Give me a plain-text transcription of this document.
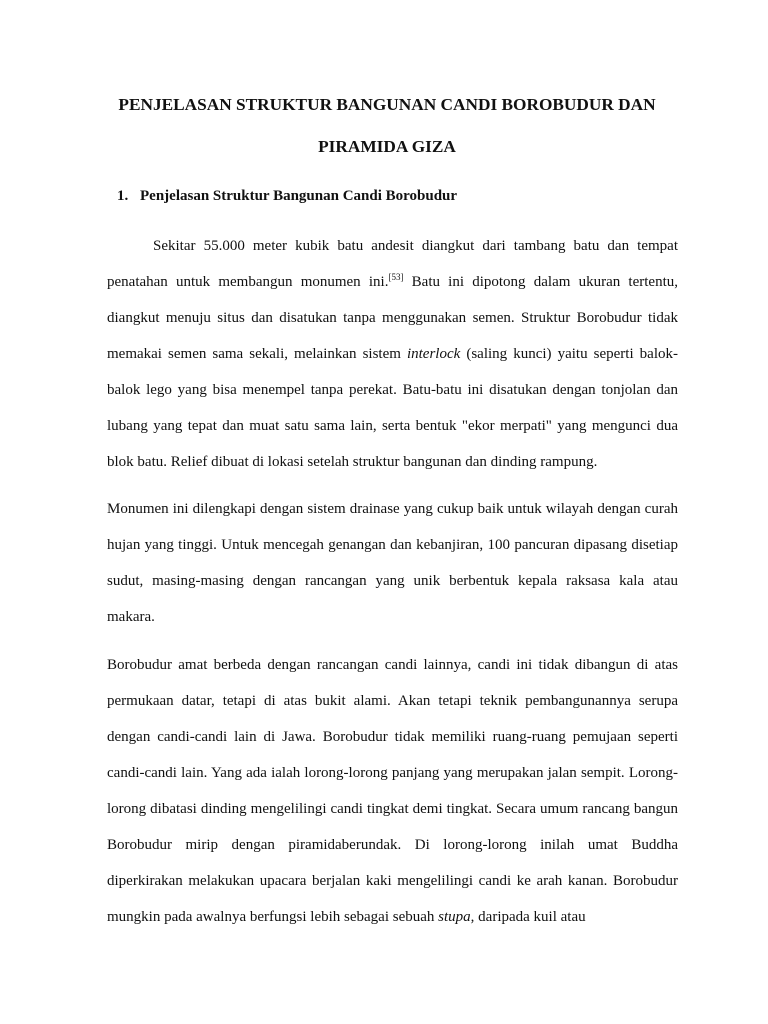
PENJELASAN STRUKTUR BANGUNAN CANDI BOROBUDUR DAN
PIRAMIDA GIZA
1. Penjelasan Struktur Bangunan Candi Borobudur

Sekitar 55.000 meter kubik batu andesit diangkut dari tambang batu dan tempat penatahan untuk membangun monumen ini.[53] Batu ini dipotong dalam ukuran tertentu, diangkut menuju situs dan disatukan tanpa menggunakan semen. Struktur Borobudur tidak memakai semen sama sekali, melainkan sistem interlock (saling kunci) yaitu seperti balok-balok lego yang bisa menempel tanpa perekat. Batu-batu ini disatukan dengan tonjolan dan lubang yang tepat dan muat satu sama lain, serta bentuk "ekor merpati" yang mengunci dua blok batu. Relief dibuat di lokasi setelah struktur bangunan dan dinding rampung.

Monumen ini dilengkapi dengan sistem drainase yang cukup baik untuk wilayah dengan curah hujan yang tinggi. Untuk mencegah genangan dan kebanjiran, 100 pancuran dipasang disetiap sudut, masing-masing dengan rancangan yang unik berbentuk kepala raksasa kala atau makara.

Borobudur amat berbeda dengan rancangan candi lainnya, candi ini tidak dibangun di atas permukaan datar, tetapi di atas bukit alami. Akan tetapi teknik pembangunannya serupa dengan candi-candi lain di Jawa. Borobudur tidak memiliki ruang-ruang pemujaan seperti candi-candi lain. Yang ada ialah lorong-lorong panjang yang merupakan jalan sempit. Lorong-lorong dibatasi dinding mengelilingi candi tingkat demi tingkat. Secara umum rancang bangun Borobudur mirip dengan piramidaberundak. Di lorong-lorong inilah umat Buddha diperkirakan melakukan upacara berjalan kaki mengelilingi candi ke arah kanan. Borobudur mungkin pada awalnya berfungsi lebih sebagai sebuah stupa, daripada kuil atau
